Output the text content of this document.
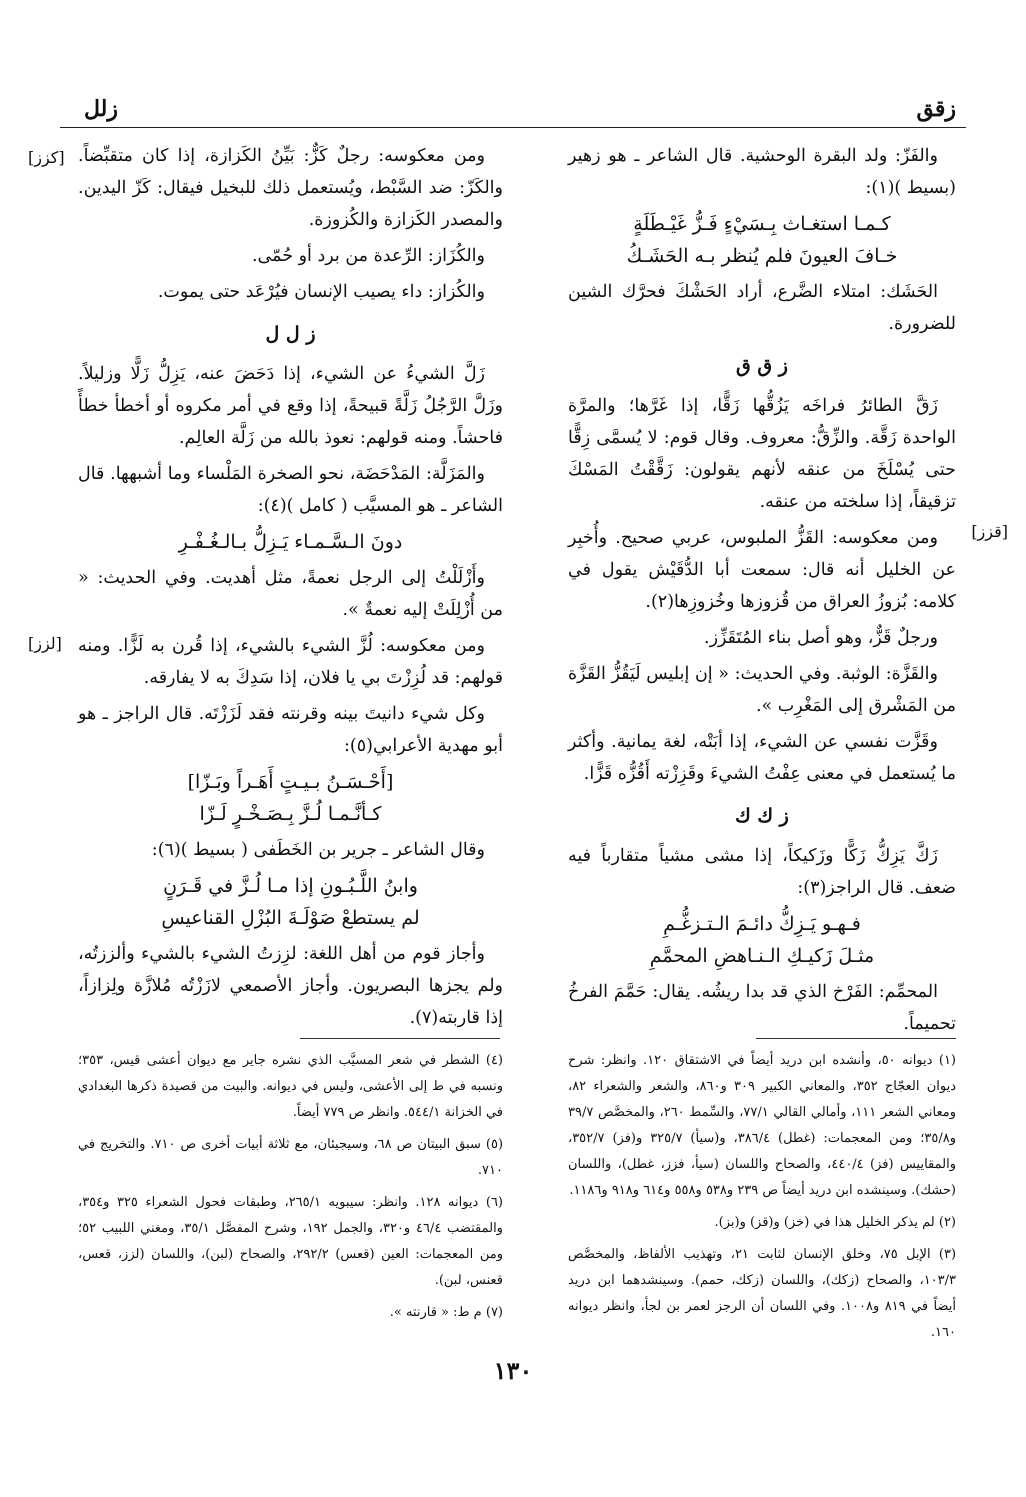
زقق
زلل

والفَزّ: ولد البقرة الوحشية. قال الشاعر ـ هو زهير (بسيط )(١):

كـمـا استغـاث بِـسَيْءٍ فَـزُّ غَيْـطَلَةٍ
خـافَ العيونَ فلم يُنظر بـه الحَشَـكُ

الحَشَك: امتلاء الضَّرع، أراد الحَشْكَ فحرَّك الشين للضرورة.

ز ق ق

زَقَّ الطائرُ فراخَه يَزُقُّها زَقًّا، إذا غَرَّها؛ والمرَّة الواحدة زَقَّة. والزِّقُّ: معروف. وقال قوم: لا يُسمَّى زِقًّا حتى يُسْلَخَ من عنقه لأنهم يقولون: زَقَّقْتُ المَسْكَ تزقيقاً، إذا سلخته من عنقه.

ومن معكوسه: القَزُّ الملبوس، عربي صحيح. وأُخبِر عن الخليل أنه قال: سمعت أبا الدُّقَيْش يقول في كلامه: بُزوزُ العراق من قُزوزها وخُزوزِها(٢).

ورجلٌ قَزٌّ، وهو أصل بناء المُتَقَزِّز.

والقَزَّة: الوثبة. وفي الحديث: « إن إبليس لَيَقُزُّ القَزَّة من المَشْرق إلى المَغْرِب ».

وقَزَّت نفسي عن الشيء، إذا أبَتْه، لغة يمانية. وأكثر ما يُستعمل في معنى عِفْتُ الشيءَ وقَزِزْته أَقُزُّه قَزًّا.

ز ك ك

زَكَّ يَزِكُّ زَكًّا وزَكيكاً، إذا مشى مشياً متقارباً فيه ضعف. قال الراجز(٣):

فـهـو يَـزِكُّ دائـمَ الـتـزغُّـمِ
مثـلَ زَكيـكِ الـنـاهضِ المحمَّمِ

المحمِّم: الفَرْخ الذي قد بدا ريشُه. يقال: حَمَّمَ الفرخُ تحميماً.

[قزز]

ومن معكوسه: رجلٌ كَزٌّ: بَيِّنُ الكَزازة، إذا كان متقبِّضاً. والكَزّ: ضد السَّبْط، ويُستعمل ذلك للبخيل فيقال: كَزّ اليدين. والمصدر الكَزازة والكُزوزة.

والكُزَاز: الرِّعدة من برد أو حُمّى.

والكُزاز: داء يصيب الإنسان فيُرْعَد حتى يموت.

ز ل ل

زَلَّ الشيءُ عن الشيء، إذا دَحَضَ عنه، يَزِلُّ زَلًّا وزليلاً. وزَلَّ الرَّجُلُ زَلَّةً قبيحةً، إذا وقع في أمر مكروه أو أخطأ خطأً فاحشاً. ومنه قولهم: نعوذ بالله من زَلَّة العالِم.

والمَزَلَّة: المَدْحَضَة، نحو الصخرة المَلْساء وما أشبهها. قال الشاعر ـ هو المسيَّب ( كامل )(٤):

دونَ الـسَّـمـاء يَـزِلُّ بـالـغُـفْـرِ

وأَزْلَلْتُ إلى الرجل نعمةً، مثل أهديت. وفي الحديث: « من أُزْلِلَتْ إليه نعمةٌ ».

ومن معكوسه: لُزَّ الشيء بالشيء، إذا قُرن به لَزًّا. ومنه قولهم: قد لُزِزْتَ بي يا فلان، إذا سَدِكَ به لا يفارقه.

وكل شيء دانيتَ بينه وقرنته فقد لَزَزْتَه. قال الراجز ـ هو أبو مهدية الأعرابي(٥):

[أَحْـسَـنُ بـيـتٍ أَهَـراً وبَـزّا]
كـأنَّـمـا لُـزَّ بِـصَـخْـرٍ لَـزّا

وقال الشاعر ـ جرير بن الخَطَفى ( بسيط )(٦):

وابنُ اللَّـبُـونِ إذا مـا لُـزَّ في قَـرَنٍ
لم يستطعْ صَوْلَـةَ البُزْلِ القناعيسِ

وأجاز قوم من أهل اللغة: لزِزتُ الشيء بالشيء وألززتُه، ولم يجزها البصريون. وأجاز الأصمعي لازَزْتُه مُلازَّة ولِزازاً، إذا قاربته(٧).

[كزز]
[لزز]

(١) ديوانه ٥٠، وأنشده ابن دريد أيضاً في الاشتقاق ١٢٠. وانظر: شرح ديوان العجّاج ٣٥٢، والمعاني الكبير ٣٠٩ و٨٦٠، والشعر والشعراء ٨٢، ومعاني الشعر ١١١، وأمالي القالي ٧٧/١، والسِّمط ٢٦٠، والمخصَّص ٣٩/٧ و٣٥/٨؛ ومن المعجمات: (غطل) ٣٨٦/٤، و(سيأ) ٣٢٥/٧ و(فز) ٣٥٢/٧، والمقاييس (فز) ٤٤٠/٤، والصحاح واللسان (سيأ، فزز، غطل)، واللسان (حشك). وسينشده ابن دريد أيضاً ص ٢٣٩ و٥٣٨ و٥٥٨ و٦١٤ و٩١٨ و١١٨٦.

(٢) لم يذكر الخليل هذا في (خز) و(قز) و(بز).

(٣) الإبل ٧٥، وخلق الإنسان لثابت ٢١، وتهذيب الألفاظ، والمخصَّص ١٠٣/٣، والصحاح (زكك)، واللسان (زكك، حمم). وسينشدهما ابن دريد أيضاً في ٨١٩ و١٠٠٨. وفي اللسان أن الرجز لعمر بن لجأ، وانظر ديوانه ١٦٠.

(٤) الشطر في شعر المسيَّب الذي نشره جاير مع ديوان أعشى قيس، ٣٥٣؛ ونسبه في ط إلى الأعشى، وليس في ديوانه. والبيت من قصيدة ذكرها البغدادي في الخزانة ٥٤٤/١. وانظر ص ٧٧٩ أيضاً.

(٥) سبق البيتان ص ٦٨، وسيجيئان، مع ثلاثة أبيات أخرى ص ٧١٠. والتخريج في ٧١٠.

(٦) ديوانه ١٢٨. وانظر: سيبويه ٢٦٥/١، وطبقات فحول الشعراء ٣٢٥ و٣٥٤، والمقتضب ٤٦/٤ و٣٢٠، والجمل ١٩٢، وشرح المفصَّل ٣٥/١، ومغني اللبيب ٥٢؛ ومن المعجمات: العين (قعس) ٢٩٢/٢، والصحاح (لبن)، واللسان (لزز، قعس، قعنس، لبن).

(٧) م ط: « قارنته ».

١٣٠
